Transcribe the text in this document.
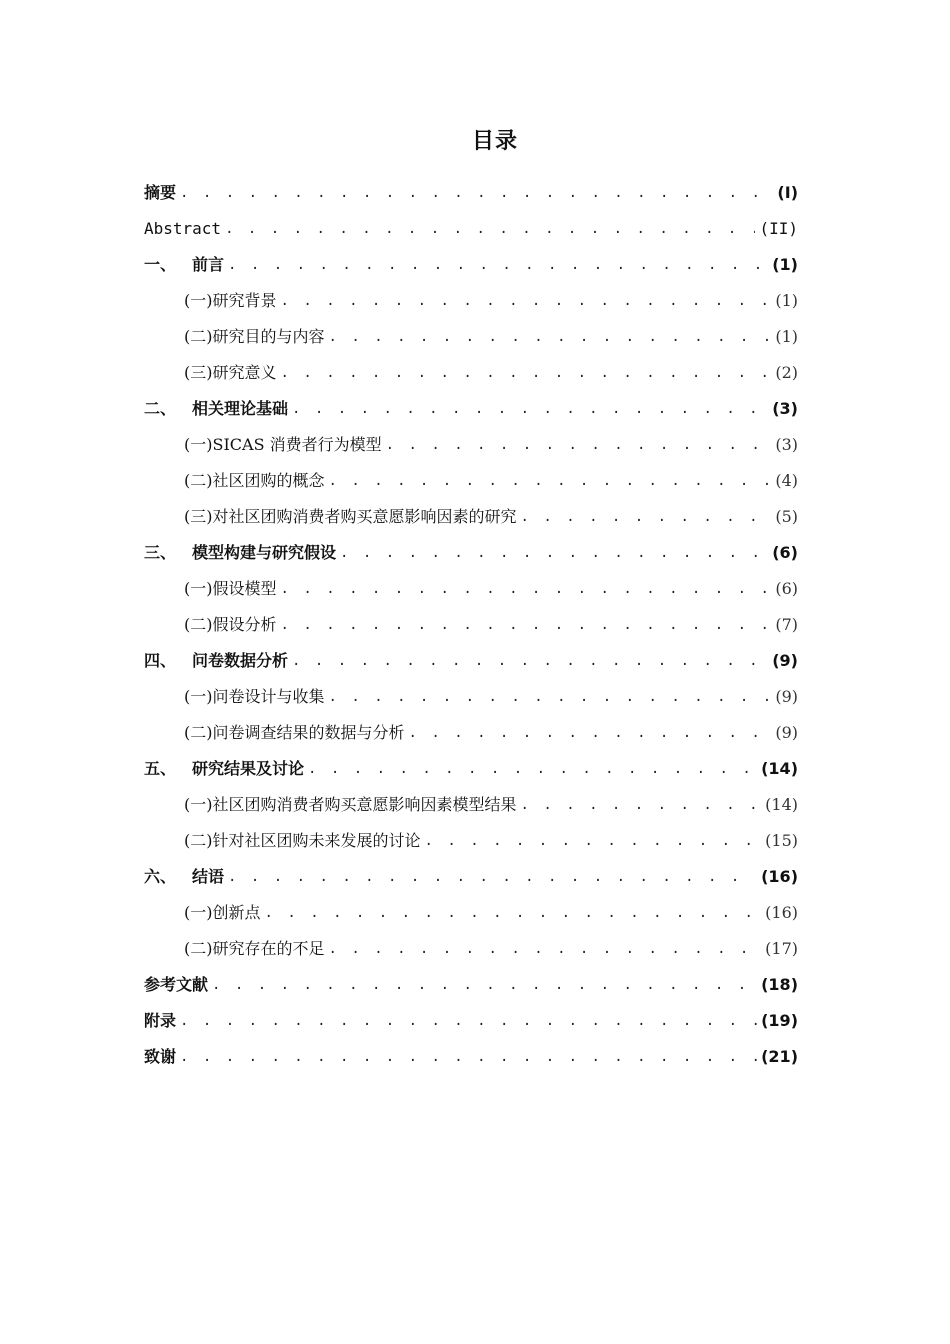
目录
摘要 . . .	(I)
Abstract . . .	(II)
一、 前言 . . .	(1)
(一)研究背景 . . .	(1)
(二)研究目的与内容 . . .	(1)
(三)研究意义 . . .	(2)
二、 相关理论基础 . . .	(3)
(一)SICAS 消费者行为模型 . . .	(3)
(二)社区团购的概念 . . .	(4)
(三)对社区团购消费者购买意愿影响因素的研究 . . .	(5)
三、 模型构建与研究假设 . . .	(6)
(一)假设模型 . . .	(6)
(二)假设分析 . . .	(7)
四、 问卷数据分析 . . .	(9)
(一)问卷设计与收集 . . .	(9)
(二)问卷调查结果的数据与分析 . . .	(9)
五、 研究结果及讨论 . . .	(14)
(一)社区团购消费者购买意愿影响因素模型结果 . . .	(14)
(二)针对社区团购未来发展的讨论 . . .	(15)
六、 结语 . . .	(16)
(一)创新点 . . .	(16)
(二)研究存在的不足 . . .	(17)
参考文献 . . .	(18)
附录 . . .	(19)
致谢 . . .	(21)
